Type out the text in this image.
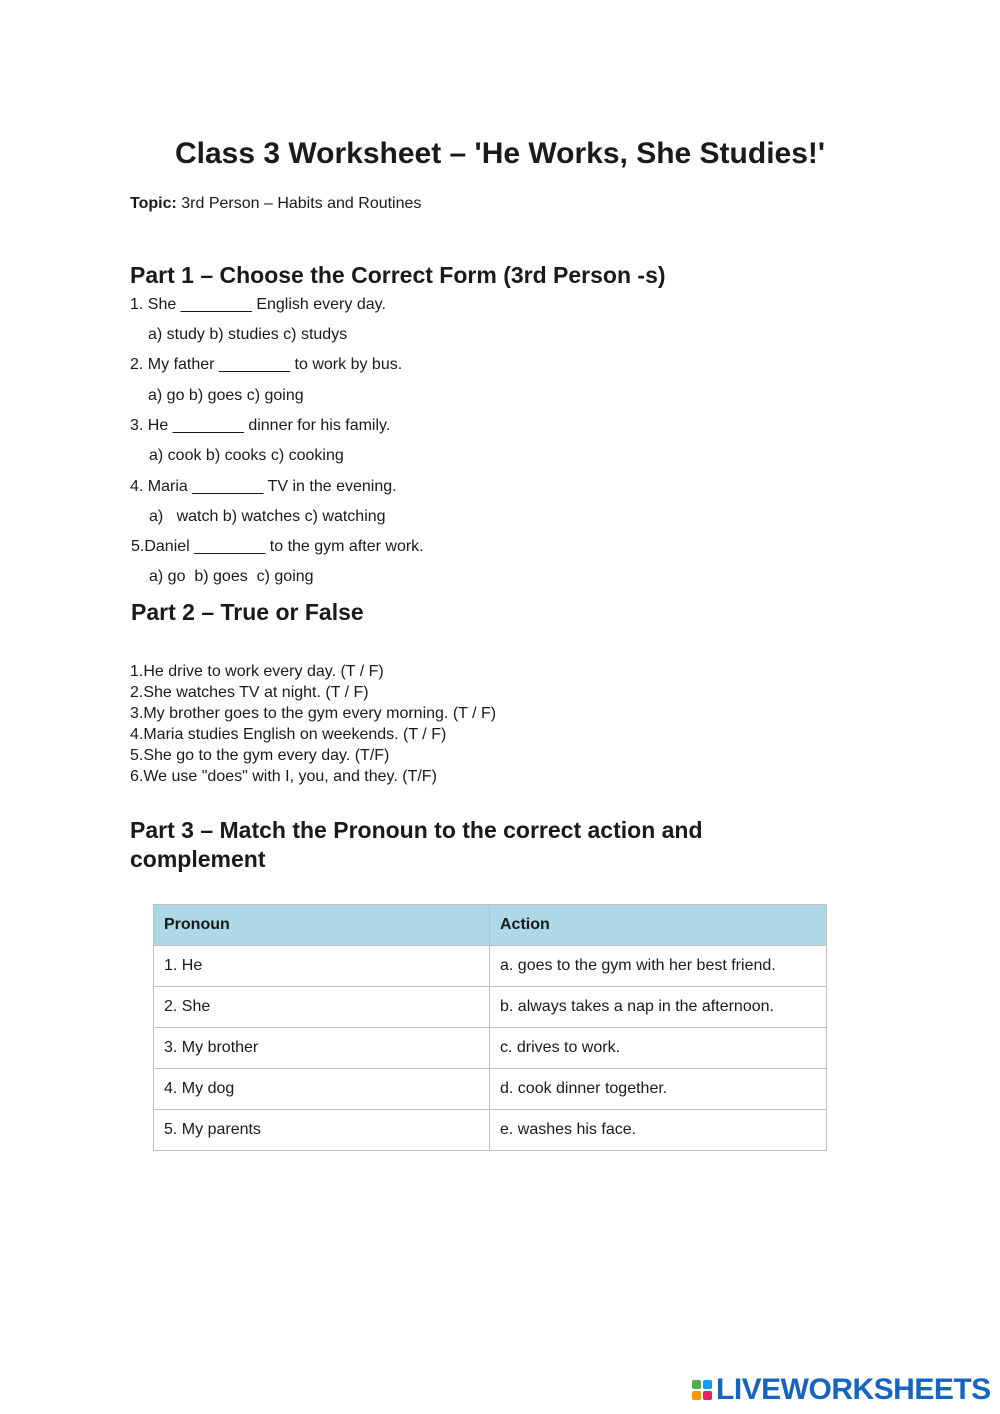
Class 3 Worksheet – 'He Works, She Studies!'
Topic: 3rd Person – Habits and Routines
Part 1 – Choose the Correct Form (3rd Person -s)
1. She ________ English every day.
a) study b) studies c) studys
2. My father ________ to work by bus.
a) go b) goes c) going
3. He ________ dinner for his family.
a) cook b) cooks c) cooking
4. Maria ________ TV in the evening.
a)   watch b) watches c) watching
5.Daniel ________ to the gym after work.
a) go  b) goes  c) going
Part 2 – True or False
1.He drive to work every day. (T / F)
2.She watches TV at night. (T / F)
3.My brother goes to the gym every morning. (T / F)
4.Maria studies English on weekends. (T / F)
5.She go to the gym every day. (T/F)
6.We use "does" with I, you, and they. (T/F)
Part 3 – Match the Pronoun to the correct action and
complement
Pronoun	Action
1. He	a. goes to the gym with her best friend.
2. She	b. always takes a nap in the afternoon.
3. My brother	c. drives to work.
4. My dog	d. cook dinner together.
5. My parents	e. washes his face.
LIVEWORKSHEETS
